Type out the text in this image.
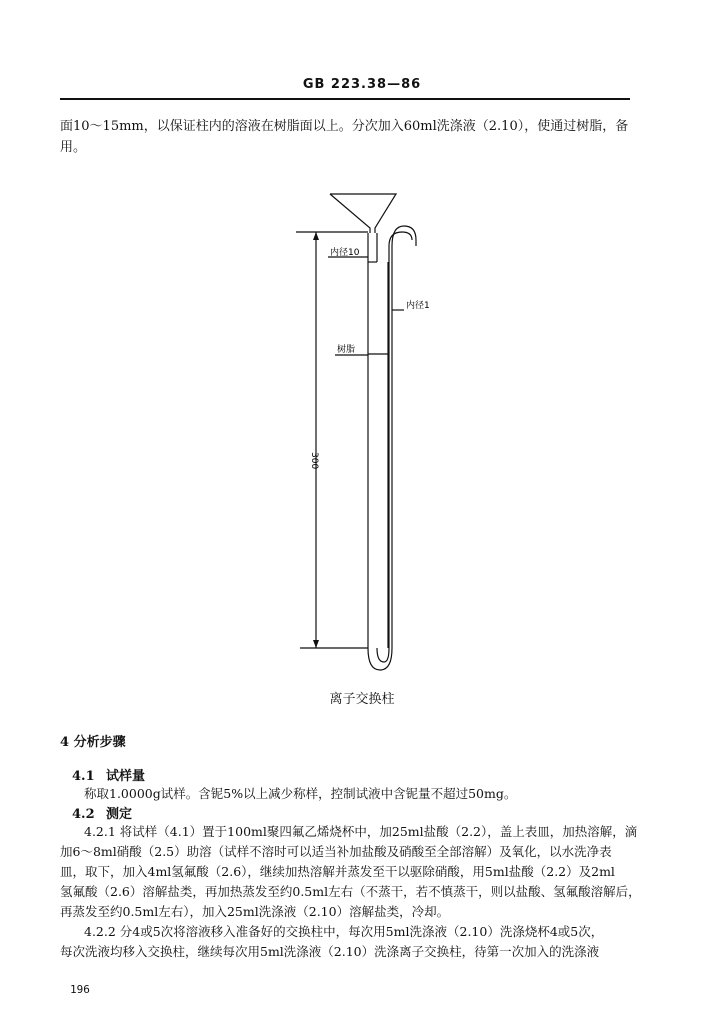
GB 223.38—86
面10～15mm，以保证柱内的溶液在树脂面以上。分次加入60ml洗涤液（2.10），使通过树脂，备用。
内径10
内径1
树脂
300
离子交换柱
4 分析步骤
4.1 试样量
称取1.0000g试样。含铌5%以上减少称样，控制试液中含铌量不超过50mg。
4.2 测定
4.2.1 将试样（4.1）置于100ml聚四氟乙烯烧杯中，加25ml盐酸（2.2），盖上表皿，加热溶解，滴
加6～8ml硝酸（2.5）助溶（试样不溶时可以适当补加盐酸及硝酸至全部溶解）及氧化，以水洗净表
皿，取下，加入4ml氢氟酸（2.6），继续加热溶解并蒸发至干以驱除硝酸，用5ml盐酸（2.2）及2ml
氢氟酸（2.6）溶解盐类，再加热蒸发至约0.5ml左右（不蒸干，若不慎蒸干，则以盐酸、氢氟酸溶解后，
再蒸发至约0.5ml左右），加入25ml洗涤液（2.10）溶解盐类，冷却。
4.2.2 分4或5次将溶液移入准备好的交换柱中，每次用5ml洗涤液（2.10）洗涤烧杯4或5次，
每次洗液均移入交换柱，继续每次用5ml洗涤液（2.10）洗涤离子交换柱，待第一次加入的洗涤液
196
